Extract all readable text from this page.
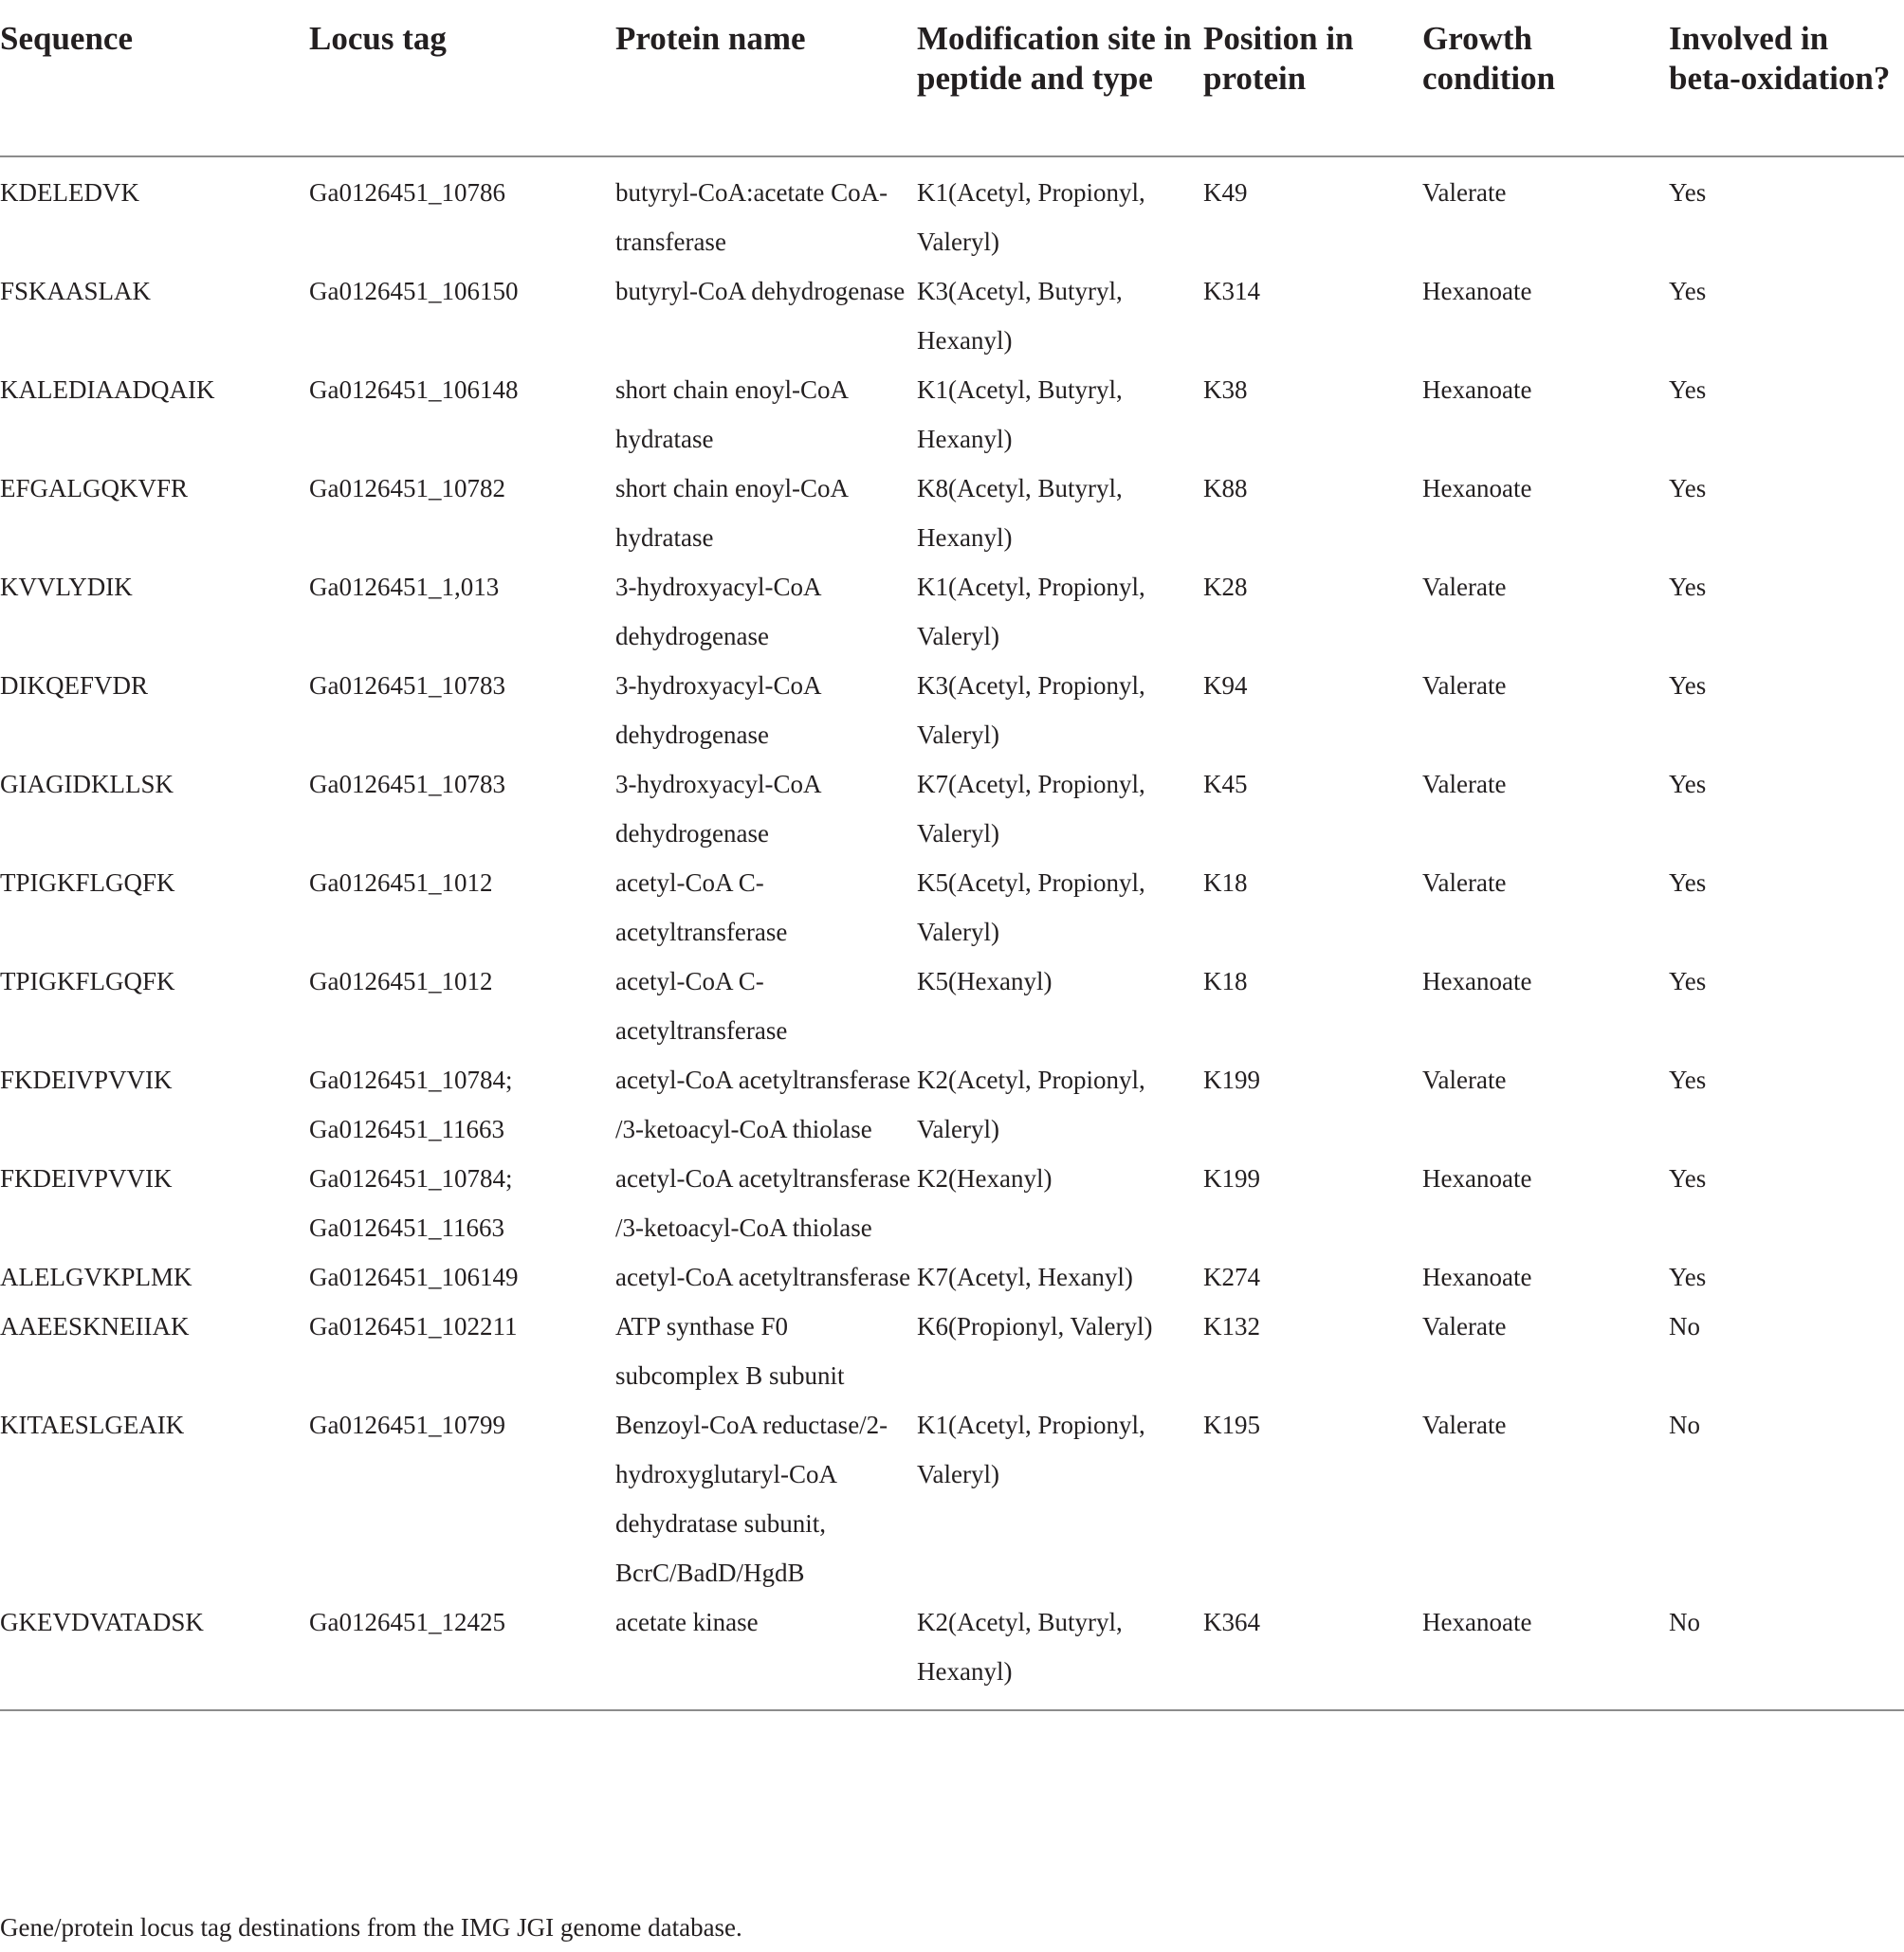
Sequence	Locus tag	Protein name	Modification site in peptide and type	Position in protein	Growth condition	Involved in beta-oxidation?
KDELEDVK	Ga0126451_10786	butyryl-CoA:acetate CoA-transferase	K1(Acetyl, Propionyl, Valeryl)	K49	Valerate	Yes
FSKAASLAK	Ga0126451_106150	butyryl-CoA dehydrogenase	K3(Acetyl, Butyryl, Hexanyl)	K314	Hexanoate	Yes
KALEDIAADQAIK	Ga0126451_106148	short chain enoyl-CoA hydratase	K1(Acetyl, Butyryl, Hexanyl)	K38	Hexanoate	Yes
EFGALGQKVFR	Ga0126451_10782	short chain enoyl-CoA hydratase	K8(Acetyl, Butyryl, Hexanyl)	K88	Hexanoate	Yes
KVVLYDIK	Ga0126451_1,013	3-hydroxyacyl-CoA dehydrogenase	K1(Acetyl, Propionyl, Valeryl)	K28	Valerate	Yes
DIKQEFVDR	Ga0126451_10783	3-hydroxyacyl-CoA dehydrogenase	K3(Acetyl, Propionyl, Valeryl)	K94	Valerate	Yes
GIAGIDKLLSK	Ga0126451_10783	3-hydroxyacyl-CoA dehydrogenase	K7(Acetyl, Propionyl, Valeryl)	K45	Valerate	Yes
TPIGKFLGQFK	Ga0126451_1012	acetyl-CoA C-acetyltransferase	K5(Acetyl, Propionyl, Valeryl)	K18	Valerate	Yes
TPIGKFLGQFK	Ga0126451_1012	acetyl-CoA C-acetyltransferase	K5(Hexanyl)	K18	Hexanoate	Yes
FKDEIVPVVIK	Ga0126451_10784; Ga0126451_11663	acetyl-CoA acetyltransferase /3-ketoacyl-CoA thiolase	K2(Acetyl, Propionyl, Valeryl)	K199	Valerate	Yes
FKDEIVPVVIK	Ga0126451_10784; Ga0126451_11663	acetyl-CoA acetyltransferase /3-ketoacyl-CoA thiolase	K2(Hexanyl)	K199	Hexanoate	Yes
ALELGVKPLMK	Ga0126451_106149	acetyl-CoA acetyltransferase	K7(Acetyl, Hexanyl)	K274	Hexanoate	Yes
AAEESKNEIIAK	Ga0126451_102211	ATP synthase F0 subcomplex B subunit	K6(Propionyl, Valeryl)	K132	Valerate	No
KITAESLGEAIK	Ga0126451_10799	Benzoyl-CoA reductase/2-hydroxyglutaryl-CoA dehydratase subunit, BcrC/BadD/HgdB	K1(Acetyl, Propionyl, Valeryl)	K195	Valerate	No
GKEVDVATADSK	Ga0126451_12425	acetate kinase	K2(Acetyl, Butyryl, Hexanyl)	K364	Hexanoate	No
Gene/protein locus tag destinations from the IMG JGI genome database.
